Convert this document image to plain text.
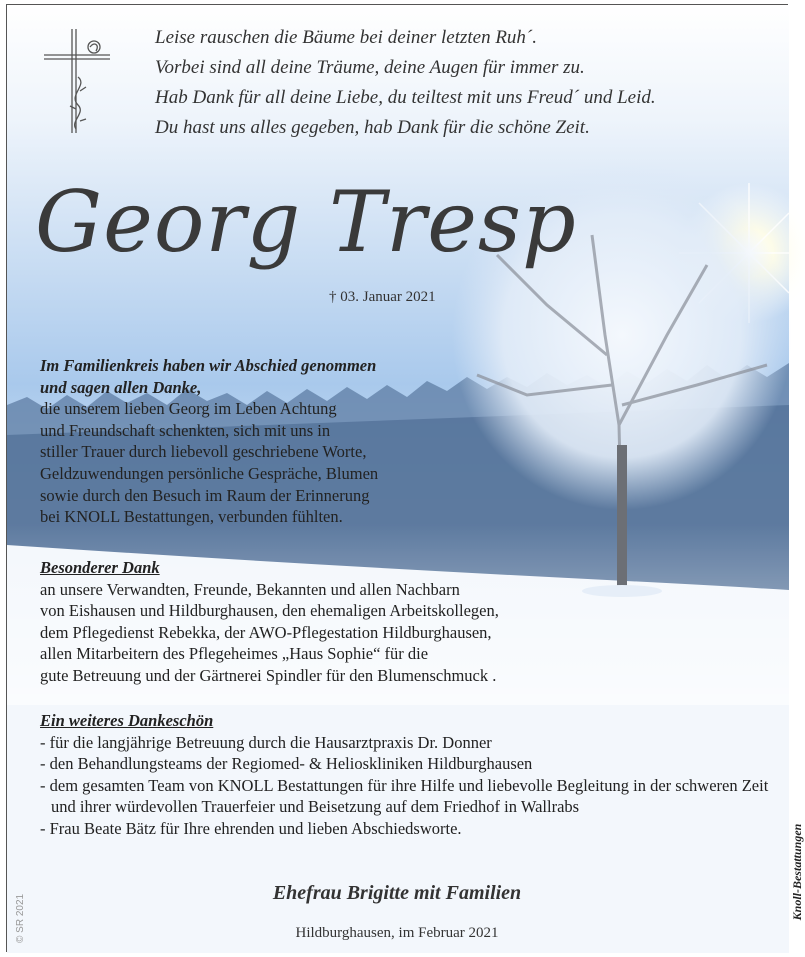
Leise rauschen die Bäume bei deiner letzten Ruh´.
Vorbei sind all deine Träume, deine Augen für immer zu.
Hab Dank für all deine Liebe, du teiltest mit uns Freud´ und Leid.
Du hast uns alles gegeben, hab Dank für die schöne Zeit.
Georg Tresp
† 03. Januar 2021
Im Familienkreis haben wir Abschied genommen
und sagen allen Danke,
die unserem lieben Georg im Leben Achtung
und Freundschaft schenkten, sich mit uns in
stiller Trauer durch liebevoll geschriebene Worte,
Geldzuwendungen persönliche Gespräche, Blumen
sowie durch den Besuch im Raum der Erinnerung
bei KNOLL Bestattungen, verbunden fühlten.
Besonderer Dank
an unsere Verwandten, Freunde, Bekannten und allen Nachbarn
von Eishausen und Hildburghausen, den ehemaligen Arbeitskollegen,
dem Pflegedienst Rebekka, der AWO-Pflegestation Hildburghausen,
allen Mitarbeitern des Pflegeheimes „Haus Sophie“ für die
gute Betreuung und der Gärtnerei Spindler für den Blumenschmuck .
Ein weiteres Dankeschön
- für die langjährige Betreuung durch die Hausarztpraxis Dr. Donner
- den Behandlungsteams der Regiomed- & Helioskliniken Hildburghausen
- dem gesamten Team von KNOLL Bestattungen für ihre Hilfe und liebevolle Begleitung in der schweren Zeit und ihrer würdevollen Trauerfeier und Beisetzung auf dem Friedhof in Wallrabs
- Frau Beate Bätz für Ihre ehrenden und lieben Abschiedsworte.
Ehefrau Brigitte mit Familien
Hildburghausen, im Februar 2021
© SR 2021	Knoll-Bestattungen
